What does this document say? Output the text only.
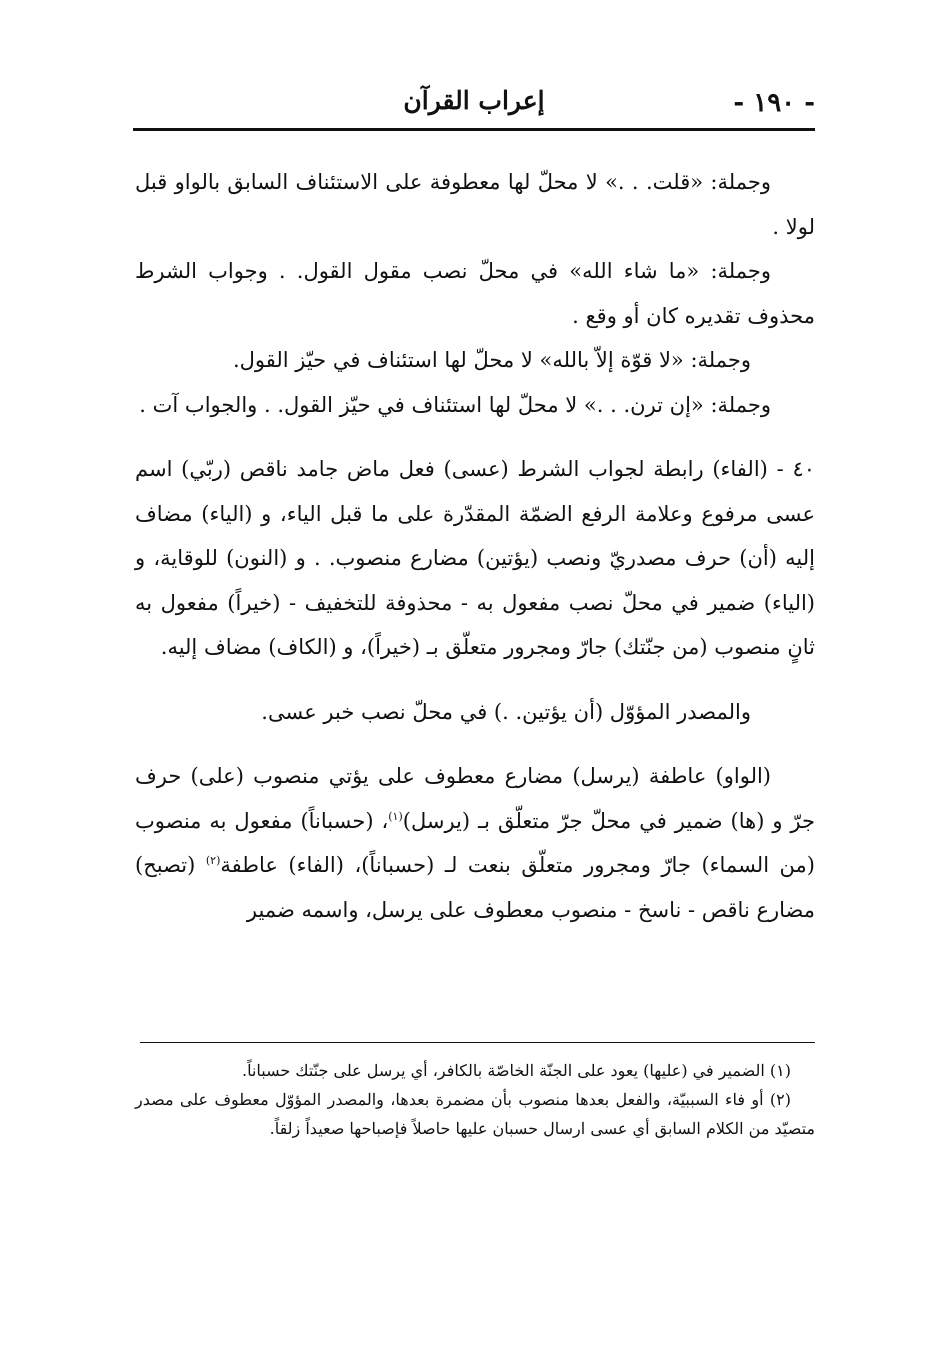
- ١٩٠ -
إعراب القرآن

وجملة: «قلت. . .» لا محلّ لها معطوفة على الاستئناف السابق بالواو قبل لولا .

وجملة: «ما شاء الله» في محلّ نصب مقول القول. . وجواب الشرط محذوف تقديره كان أو وقع .

وجملة: «لا قوّة إلاّ بالله» لا محلّ لها استئناف في حيّز القول.

وجملة: «إن ترن. . .» لا محلّ لها استئناف في حيّز القول. . والجواب آت .

٤٠ - (الفاء) رابطة لجواب الشرط (عسى) فعل ماض جامد ناقص (ربّي) اسم عسى مرفوع وعلامة الرفع الضمّة المقدّرة على ما قبل الياء، و (الياء) مضاف إليه (أن) حرف مصدريّ ونصب (يؤتين) مضارع منصوب. . و (النون) للوقاية، و (الياء) ضمير في محلّ نصب مفعول به - محذوفة للتخفيف - (خيراً) مفعول به ثانٍ منصوب (من جنّتك) جارّ ومجرور متعلّق بـ (خيراً)، و (الكاف) مضاف إليه.

والمصدر المؤوّل (أن يؤتين. .) في محلّ نصب خبر عسى.

(الواو) عاطفة (يرسل) مضارع معطوف على يؤتي منصوب (على) حرف جرّ و (ها) ضمير في محلّ جرّ متعلّق بـ (يرسل)$^{(١)}$، (حسباناً) مفعول به منصوب (من السماء) جارّ ومجرور متعلّق بنعت لـ (حسباناً)، (الفاء) عاطفة$^{(٢)}$ (تصبح) مضارع ناقص - ناسخ - منصوب معطوف على يرسل، واسمه ضمير

(١) الضمير في (عليها) يعود على الجنّة الخاصّة بالكافر، أي يرسل على جنّتك حسباناً.

(٢) أو فاء السببيّة، والفعل بعدها منصوب بأن مضمرة بعدها، والمصدر المؤوّل معطوف على مصدر متصيّد من الكلام السابق أي عسى ارسال حسبان عليها حاصلاً فإصباحها صعيداً زلقاً.
